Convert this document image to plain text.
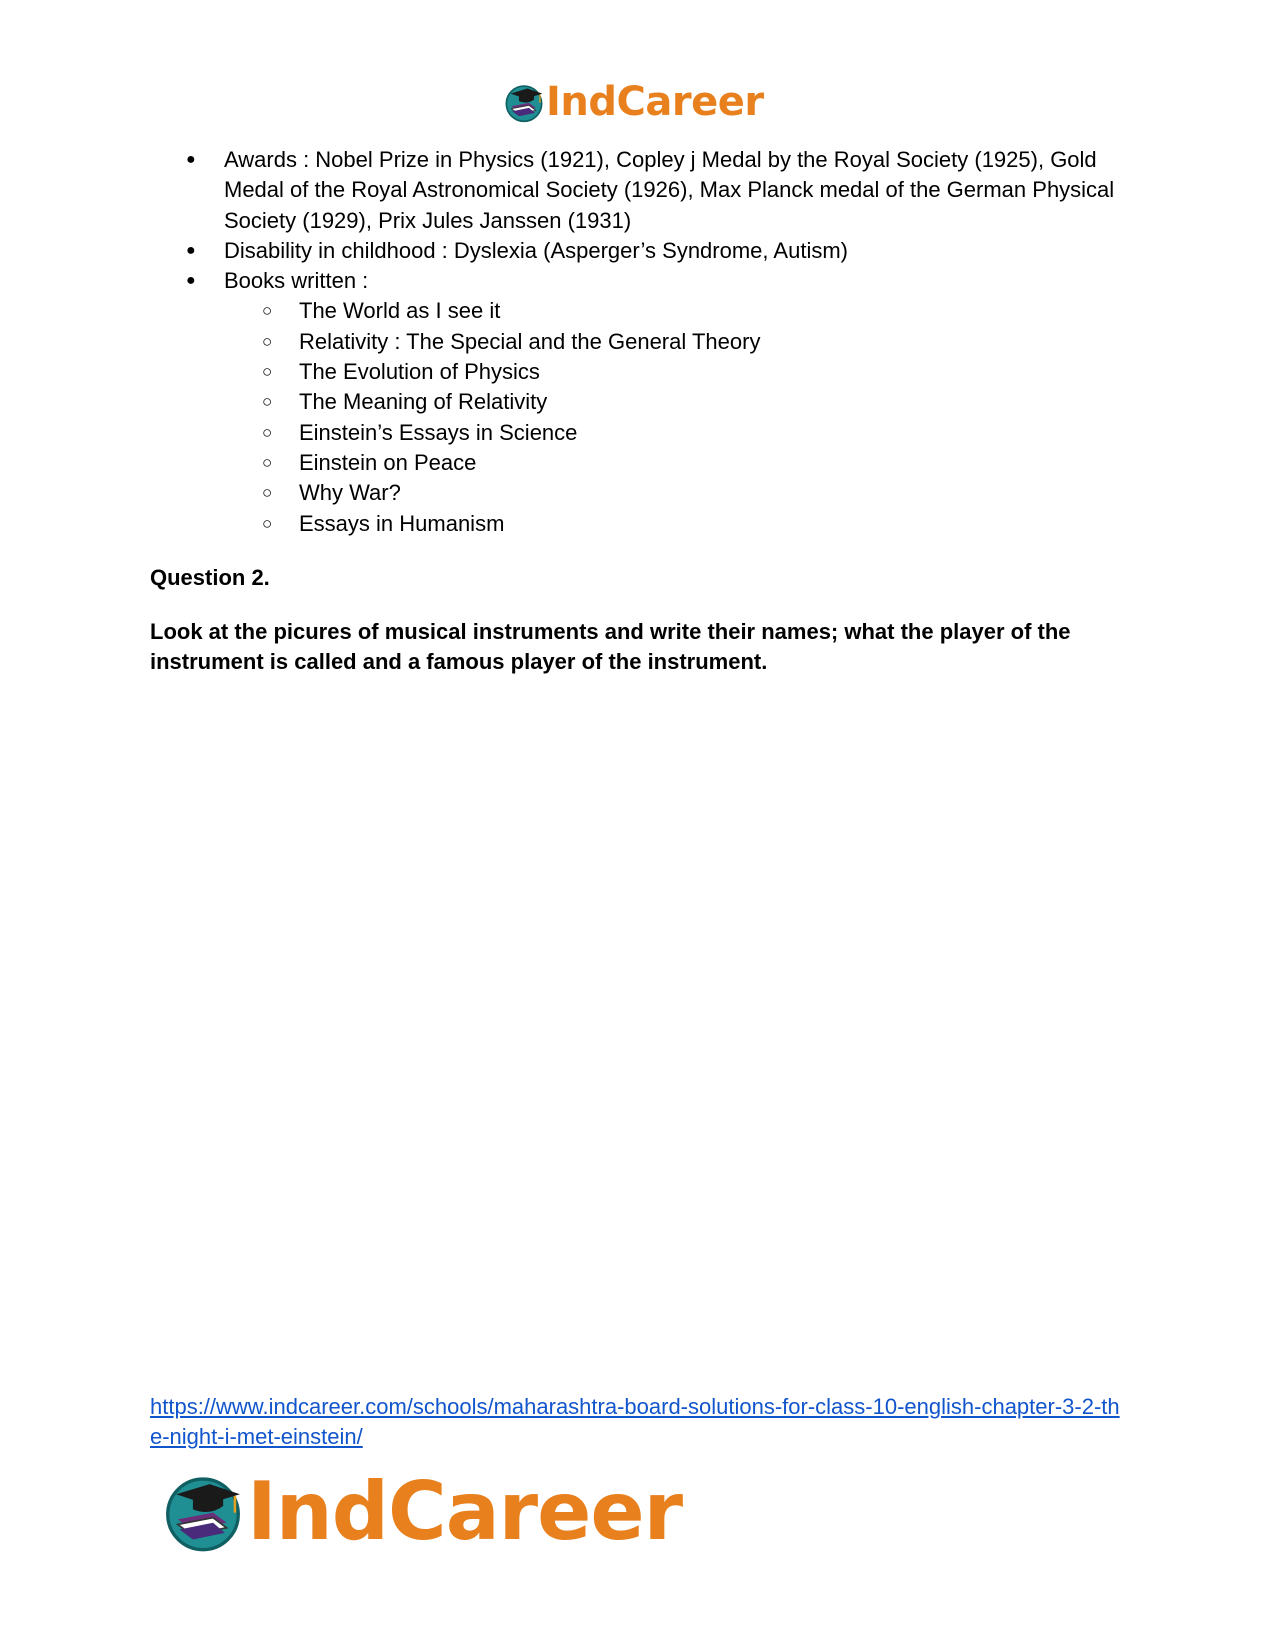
IndCareer
● Awards : Nobel Prize in Physics (1921), Copley j Medal by the Royal Society (1925), Gold Medal of the Royal Astronomical Society (1926), Max Planck medal of the German Physical Society (1929), Prix Jules Janssen (1931)
● Disability in childhood : Dyslexia (Asperger’s Syndrome, Autism)
● Books written :
○ The World as I see it
○ Relativity : The Special and the General Theory
○ The Evolution of Physics
○ The Meaning of Relativity
○ Einstein’s Essays in Science
○ Einstein on Peace
○ Why War?
○ Essays in Humanism
Question 2.
Look at the picures of musical instruments and write their names; what the player of the instrument is called and a famous player of the instrument.
https://www.indcareer.com/schools/maharashtra-board-solutions-for-class-10-english-chapter-3-2-the-night-i-met-einstein/
IndCareer
